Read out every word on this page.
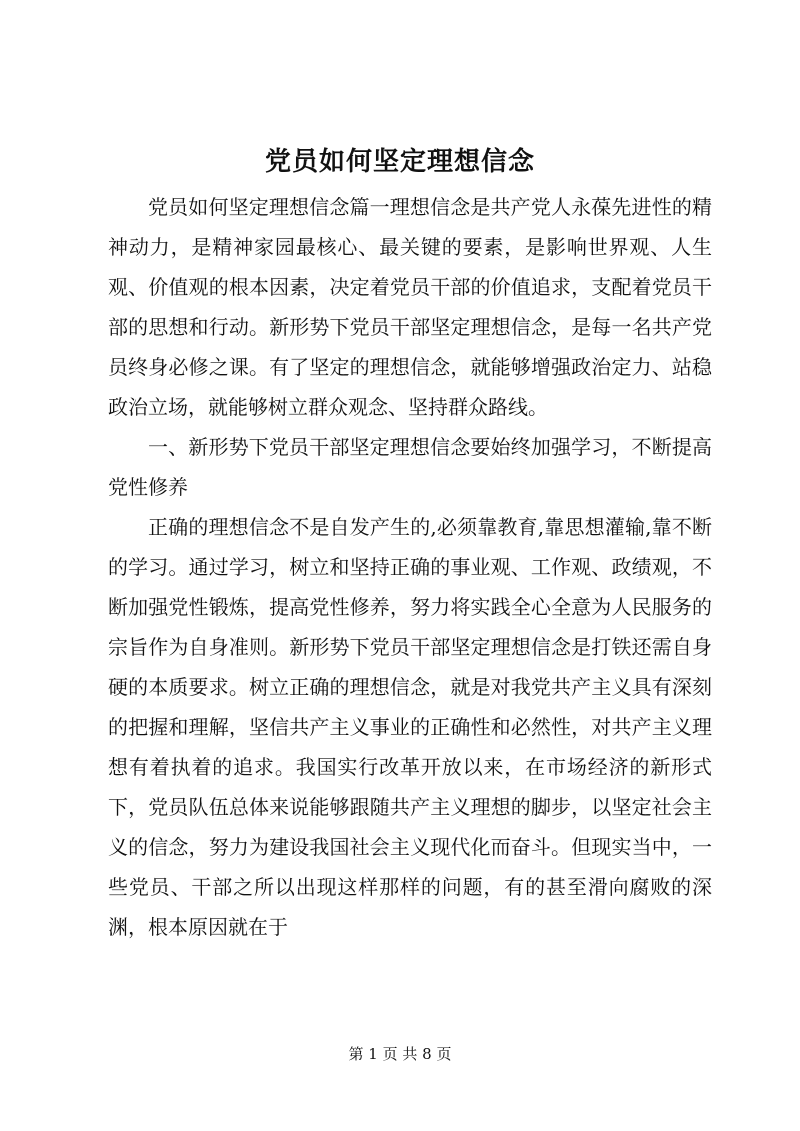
党员如何坚定理想信念

党员如何坚定理想信念篇一理想信念是共产党人永葆先进性的精神动力，是精神家园最核心、最关键的要素，是影响世界观、人生观、价值观的根本因素，决定着党员干部的价值追求，支配着党员干部的思想和行动。新形势下党员干部坚定理想信念，是每一名共产党员终身必修之课。有了坚定的理想信念，就能够增强政治定力、站稳政治立场，就能够树立群众观念、坚持群众路线。

一、新形势下党员干部坚定理想信念要始终加强学习，不断提高党性修养

正确的理想信念不是自发产生的,必须靠教育,靠思想灌输,靠不断的学习。通过学习，树立和坚持正确的事业观、工作观、政绩观，不断加强党性锻炼，提高党性修养，努力将实践全心全意为人民服务的宗旨作为自身准则。新形势下党员干部坚定理想信念是打铁还需自身硬的本质要求。树立正确的理想信念，就是对我党共产主义具有深刻的把握和理解，坚信共产主义事业的正确性和必然性，对共产主义理想有着执着的追求。我国实行改革开放以来，在市场经济的新形式下，党员队伍总体来说能够跟随共产主义理想的脚步，以坚定社会主义的信念，努力为建设我国社会主义现代化而奋斗。但现实当中，一些党员、干部之所以出现这样那样的问题，有的甚至滑向腐败的深渊，根本原因就在于

第 1 页 共 8 页
